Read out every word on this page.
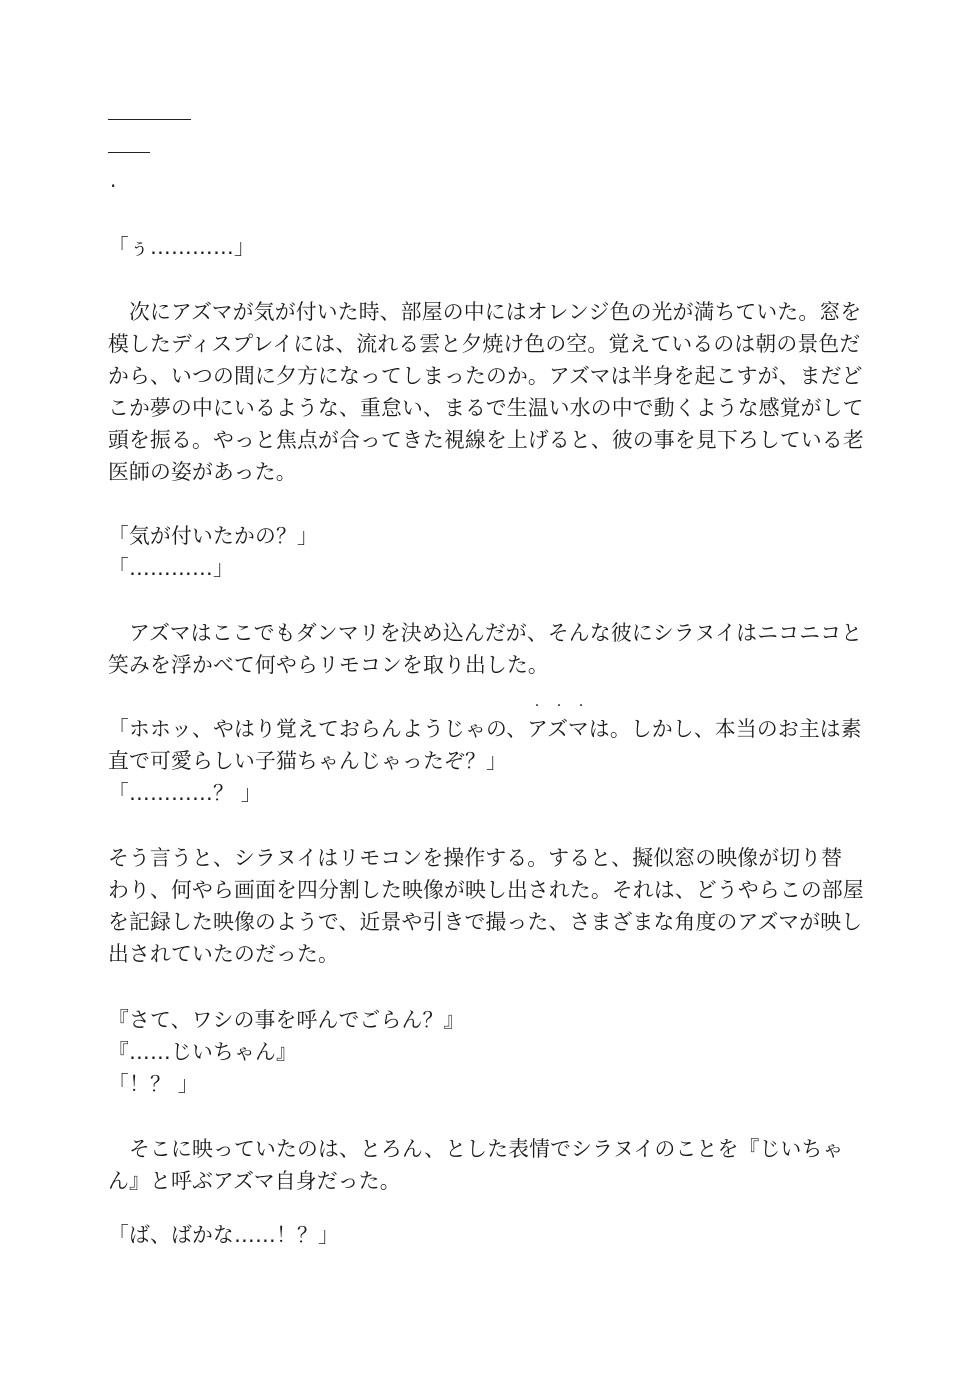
·
「ぅ…………」
　次にアズマが気が付いた時、部屋の中にはオレンジ色の光が満ちていた。窓を
模したディスプレイには、流れる雲と夕焼け色の空。覚えているのは朝の景色だ
から、いつの間に夕方になってしまったのか。アズマは半身を起こすが、まだど
こか夢の中にいるような、重怠い、まるで生温い水の中で動くような感覚がして
頭を振る。やっと焦点が合ってきた視線を上げると、彼の事を見下ろしている老
医師の姿があった。
「気が付いたかの？」
「…………」
　アズマはここでもダンマリを決め込んだが、そんな彼にシラヌイはニコニコと
笑みを浮かべて何やらリモコンを取り出した。
・・・
「ホホッ、やはり覚えておらんようじゃの、アズマは。しかし、本当のお主は素
直で可愛らしい子猫ちゃんじゃったぞ？」
「…………？ 」
そう言うと、シラヌイはリモコンを操作する。すると、擬似窓の映像が切り替
わり、何やら画面を四分割した映像が映し出された。それは、どうやらこの部屋
を記録した映像のようで、近景や引きで撮った、さまざまな角度のアズマが映し
出されていたのだった。
『さて、ワシの事を呼んでごらん？』
『……じいちゃん』
「！？ 」
　そこに映っていたのは、とろん、とした表情でシラヌイのことを『じいちゃ
ん』と呼ぶアズマ自身だった。
「ば、ばかな……！？」
